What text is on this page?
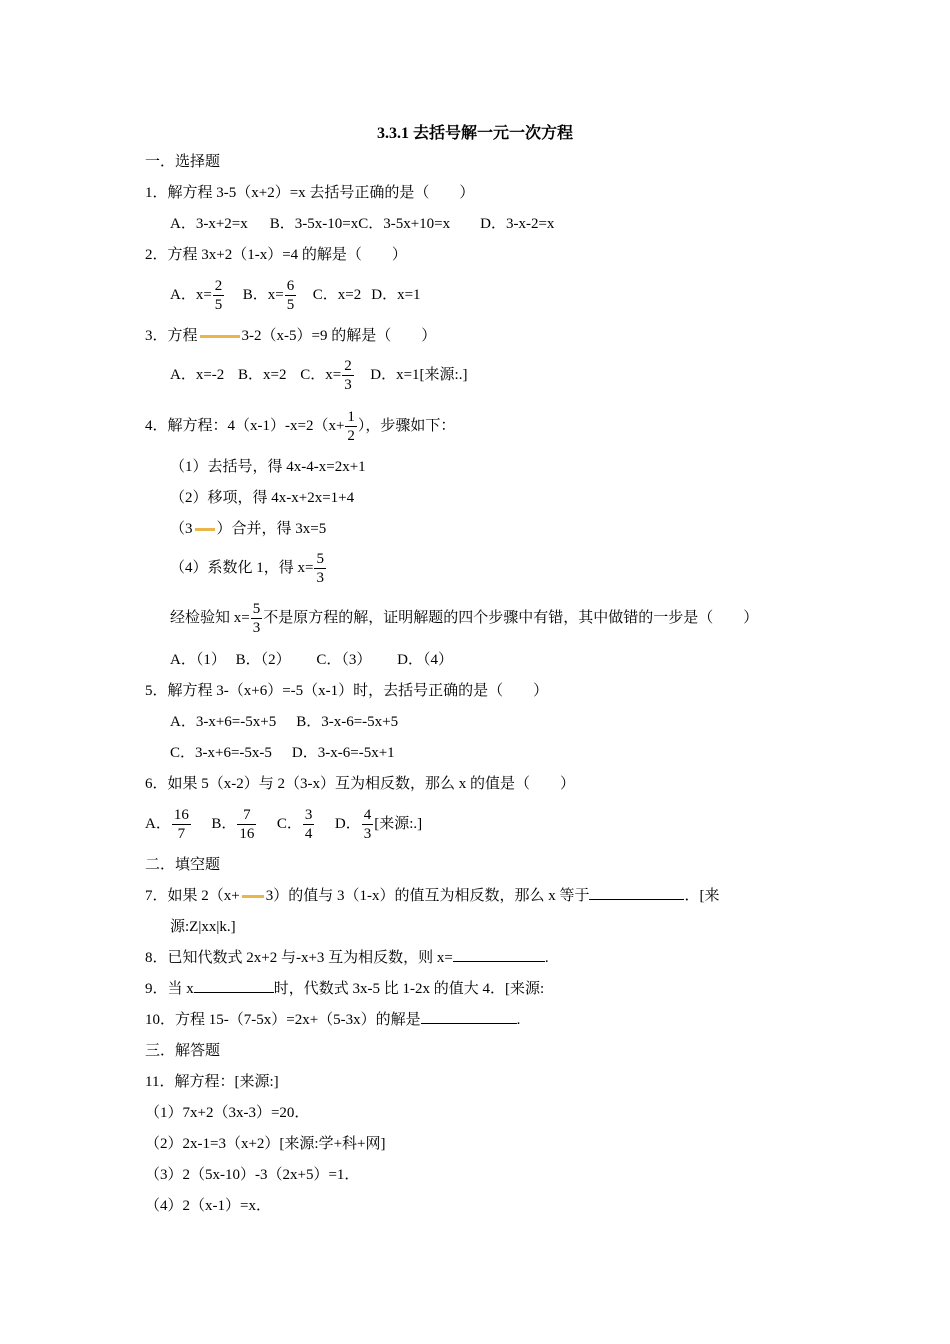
3.3.1 去括号解一元一次方程
一．选择题
1．解方程 3-5（x+2）=x 去括号正确的是（　　）
A．3-x+2=x B．3-5x-10=xC．3-5x+10=x D．3-x-2=x
2．方程 3x+2（1-x）=4 的解是（　　）
A．$x= \frac{2}{5}$ B．$x= \frac{6}{5}$ C．x=2 D．x=1
3．方程	3-2（x-5）=9 的解是（　　）
A．x=-2 B．x=2 C．$x= \frac{2}{3}$ D．x=1[来源:.]
4．解方程：$4(x-1)-x=2(x+ \frac{1}{2}$ ），步骤如下：
（1）去括号，得 4x-4-x=2x+1
（2）移项，得 4x-x+2x=1+4
（3 ）合并，得 3x=5
（4）系数化 1，得 $x= \frac{5}{3}$
经检验知 $x= \frac{5}{3}$ 不是原方程的解，证明解题的四个步骤中有错，其中做错的一步是（　　）
A．（1） B．（2） C．（3） D．（4）
5．解方程 3-（x+6）=-5（x-1）时，去括号正确的是（　　）
A．3-x+6=-5x+5 B．3-x-6=-5x+5
C．3-x+6=-5x-5 D．3-x-6=-5x+1
6．如果 5（x-2）与 2（3-x）互为相反数，那么 x 的值是（　　）
A． $\frac{16}{7}$ B． $\frac{7}{16}$ C． $\frac{3}{4}$ D． $\frac{4}{3}$ [来源:.]
二．填空题
7．如果 2（x+ 3）的值与 3（1-x）的值互为相反数，那么 x 等于	．[来
源:Z|xx|k.]
8．已知代数式 2x+2 与-x+3 互为相反数，则 x=	.
9．当 x	时，代数式 3x-5 比 1-2x 的值大 4．[来源:
10．方程 15-（7-5x）=2x+（5-3x）的解是	.
三．解答题
11．解方程：[来源:]
（1）7x+2（3x-3）=20．
（2）2x-1=3（x+2）[来源:学+科+网]
（3）2（5x-10）-3（2x+5）=1．
（4）2（x-1）=x．
